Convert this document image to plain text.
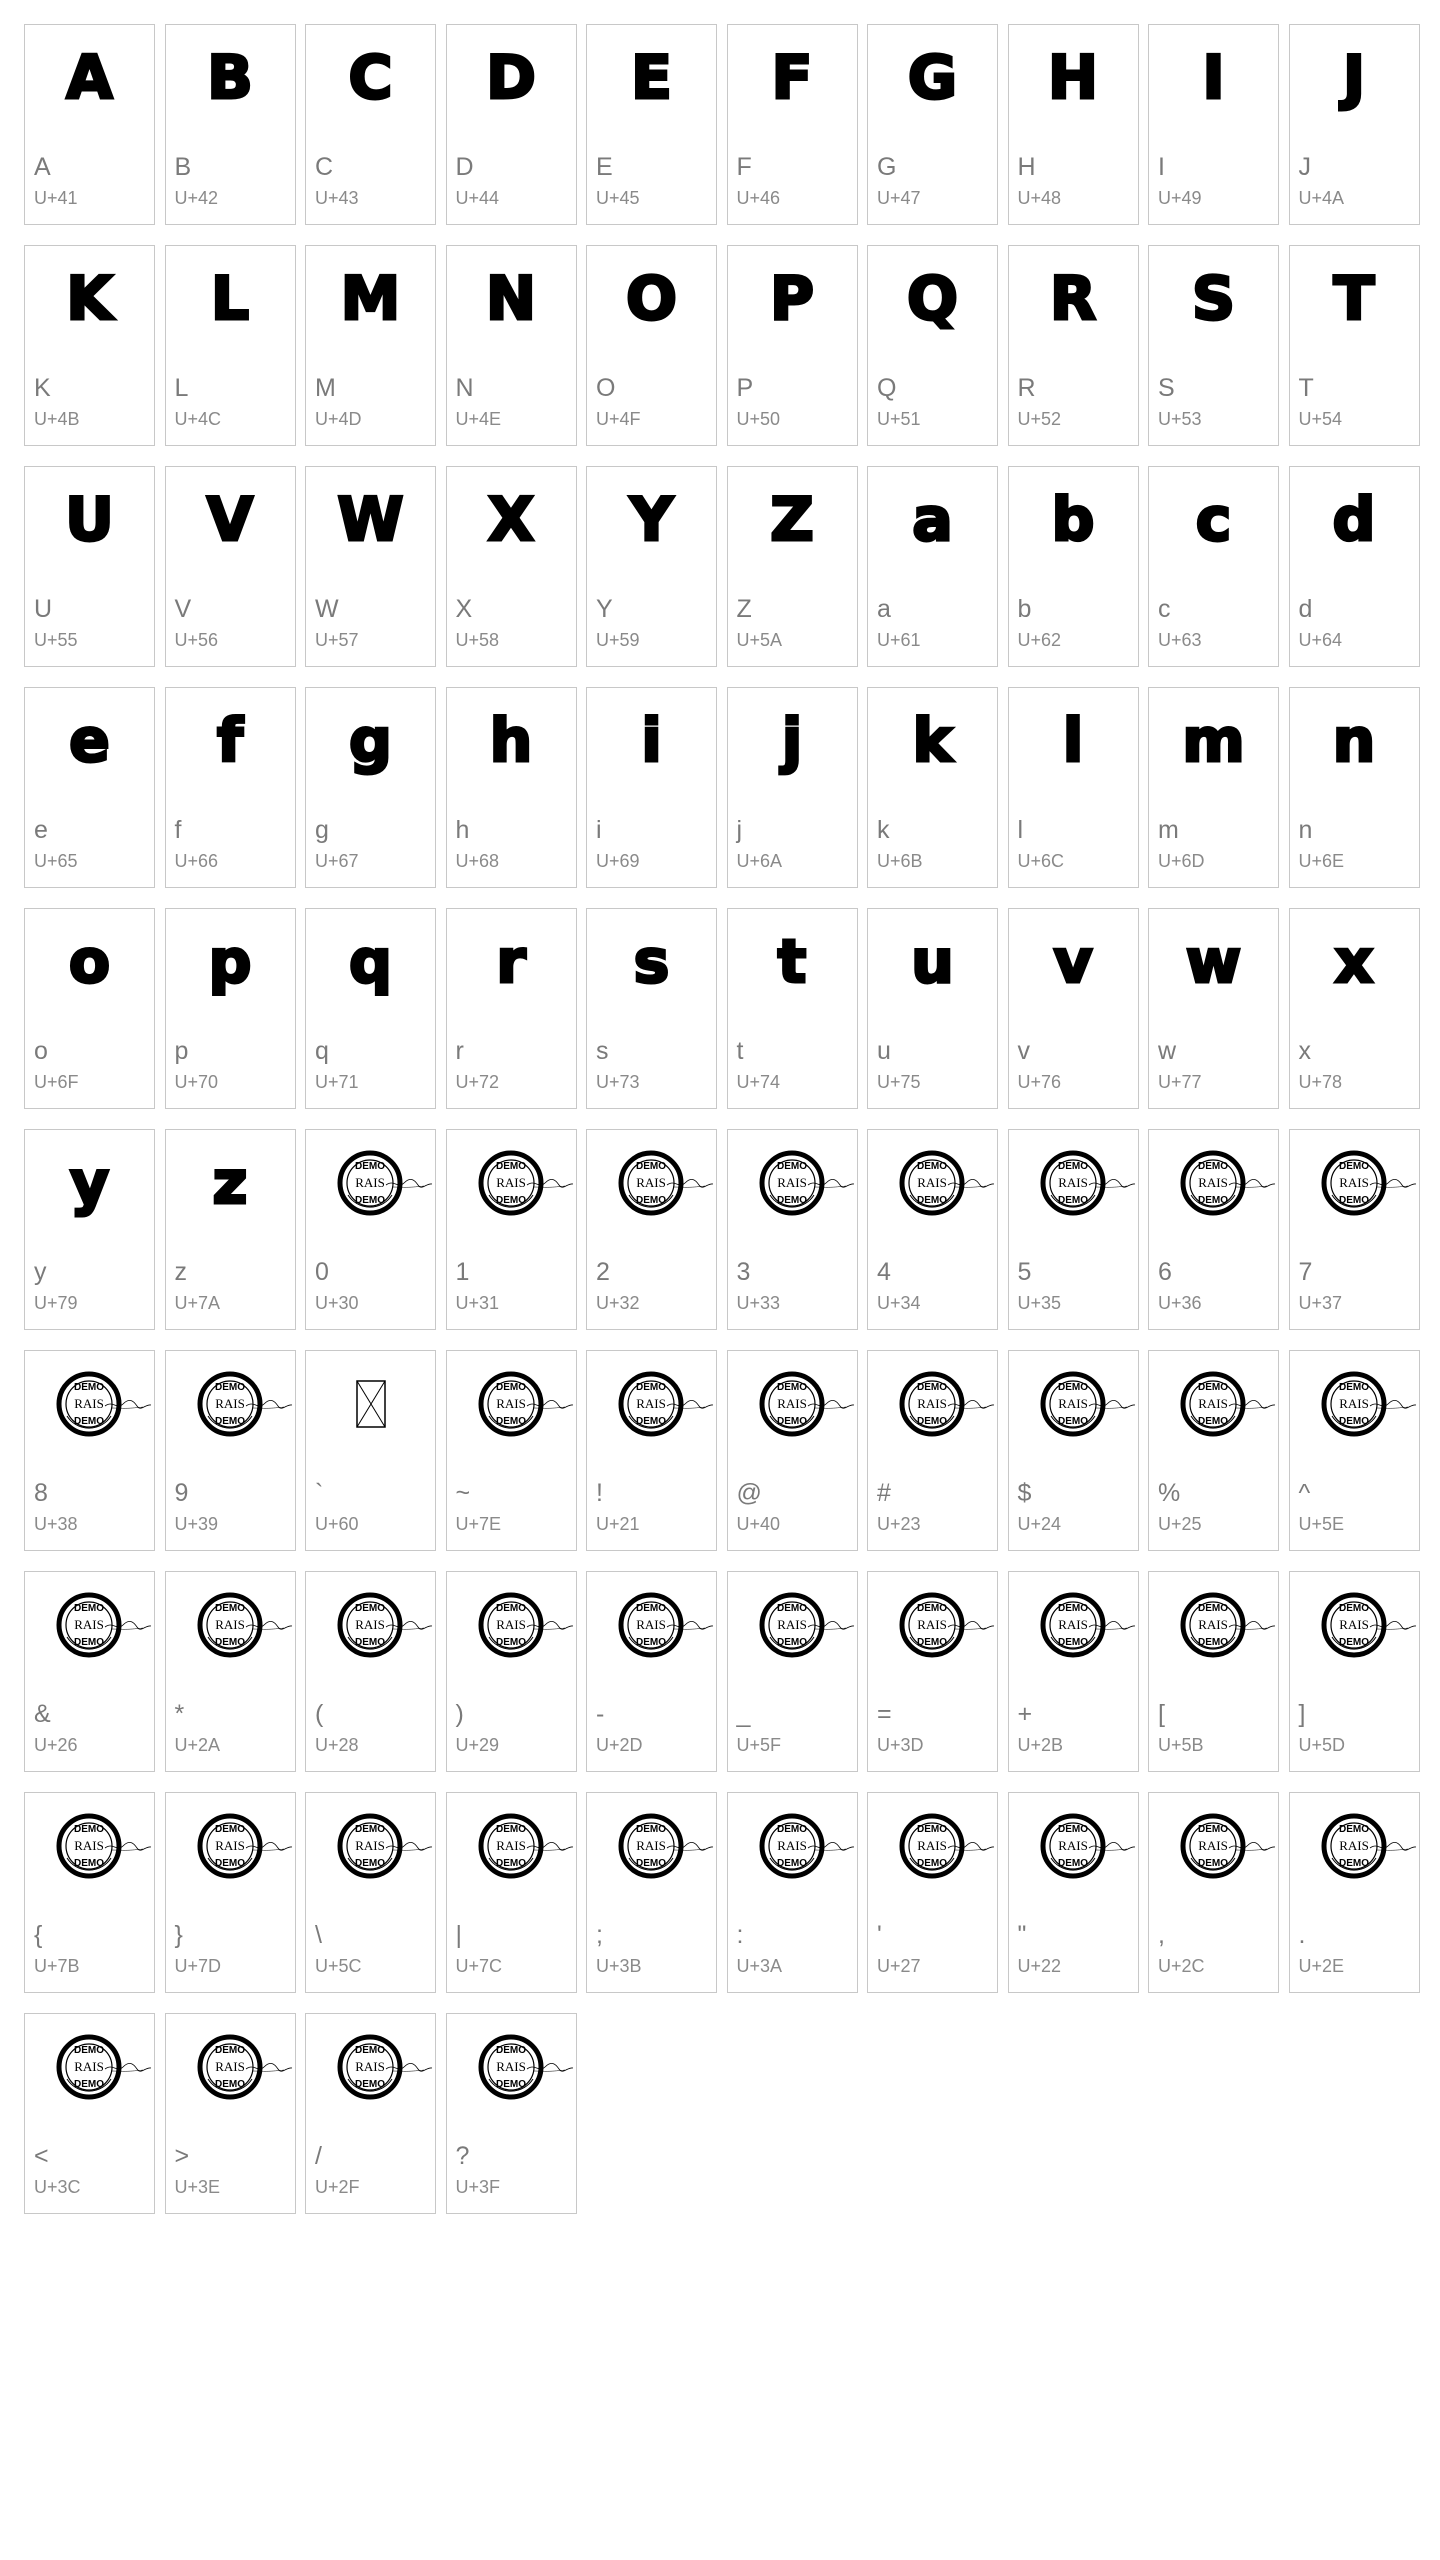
A
A
U+41
B
B
U+42
C
C
U+43
D
D
U+44
E
E
U+45
F
F
U+46
G
G
U+47
H
H
U+48
I
I
U+49
J
J
U+4A
K
K
U+4B
L
L
U+4C
M
M
U+4D
N
N
U+4E
O
O
U+4F
P
P
U+50
Q
Q
U+51
R
R
U+52
S
S
U+53
T
T
U+54
U
U
U+55
V
V
U+56
W
W
U+57
X
X
U+58
Y
Y
U+59
Z
Z
U+5A
a
a
U+61
b
b
U+62
c
c
U+63
d
d
U+64
e
e
U+65
f
f
U+66
g
g
U+67
h
h
U+68
i
i
U+69
j
j
U+6A
k
k
U+6B
l
l
U+6C
m
m
U+6D
n
n
U+6E
o
o
U+6F
p
p
U+70
q
q
U+71
r
r
U+72
s
s
U+73
t
t
U+74
u
u
U+75
v
v
U+76
w
w
U+77
x
x
U+78
y
y
U+79
z
z
U+7A
DEMO
RAIS
DEMO
0
U+30
DEMO
RAIS
DEMO
1
U+31
DEMO
RAIS
DEMO
2
U+32
DEMO
RAIS
DEMO
3
U+33
DEMO
RAIS
DEMO
4
U+34
DEMO
RAIS
DEMO
5
U+35
DEMO
RAIS
DEMO
6
U+36
DEMO
RAIS
DEMO
7
U+37
DEMO
RAIS
DEMO
8
U+38
DEMO
RAIS
DEMO
9
U+39
`
U+60
DEMO
RAIS
DEMO
~
U+7E
DEMO
RAIS
DEMO
!
U+21
DEMO
RAIS
DEMO
@
U+40
DEMO
RAIS
DEMO
#
U+23
DEMO
RAIS
DEMO
$
U+24
DEMO
RAIS
DEMO
%
U+25
DEMO
RAIS
DEMO
^
U+5E
DEMO
RAIS
DEMO
&
U+26
DEMO
RAIS
DEMO
*
U+2A
DEMO
RAIS
DEMO
(
U+28
DEMO
RAIS
DEMO
)
U+29
DEMO
RAIS
DEMO
-
U+2D
DEMO
RAIS
DEMO
_
U+5F
DEMO
RAIS
DEMO
=
U+3D
DEMO
RAIS
DEMO
+
U+2B
DEMO
RAIS
DEMO
[
U+5B
DEMO
RAIS
DEMO
]
U+5D
DEMO
RAIS
DEMO
{
U+7B
DEMO
RAIS
DEMO
}
U+7D
DEMO
RAIS
DEMO
\
U+5C
DEMO
RAIS
DEMO
|
U+7C
DEMO
RAIS
DEMO
;
U+3B
DEMO
RAIS
DEMO
:
U+3A
DEMO
RAIS
DEMO
'
U+27
DEMO
RAIS
DEMO
"
U+22
DEMO
RAIS
DEMO
,
U+2C
DEMO
RAIS
DEMO
.
U+2E
DEMO
RAIS
DEMO
<
U+3C
DEMO
RAIS
DEMO
>
U+3E
DEMO
RAIS
DEMO
/
U+2F
DEMO
RAIS
DEMO
?
U+3F
